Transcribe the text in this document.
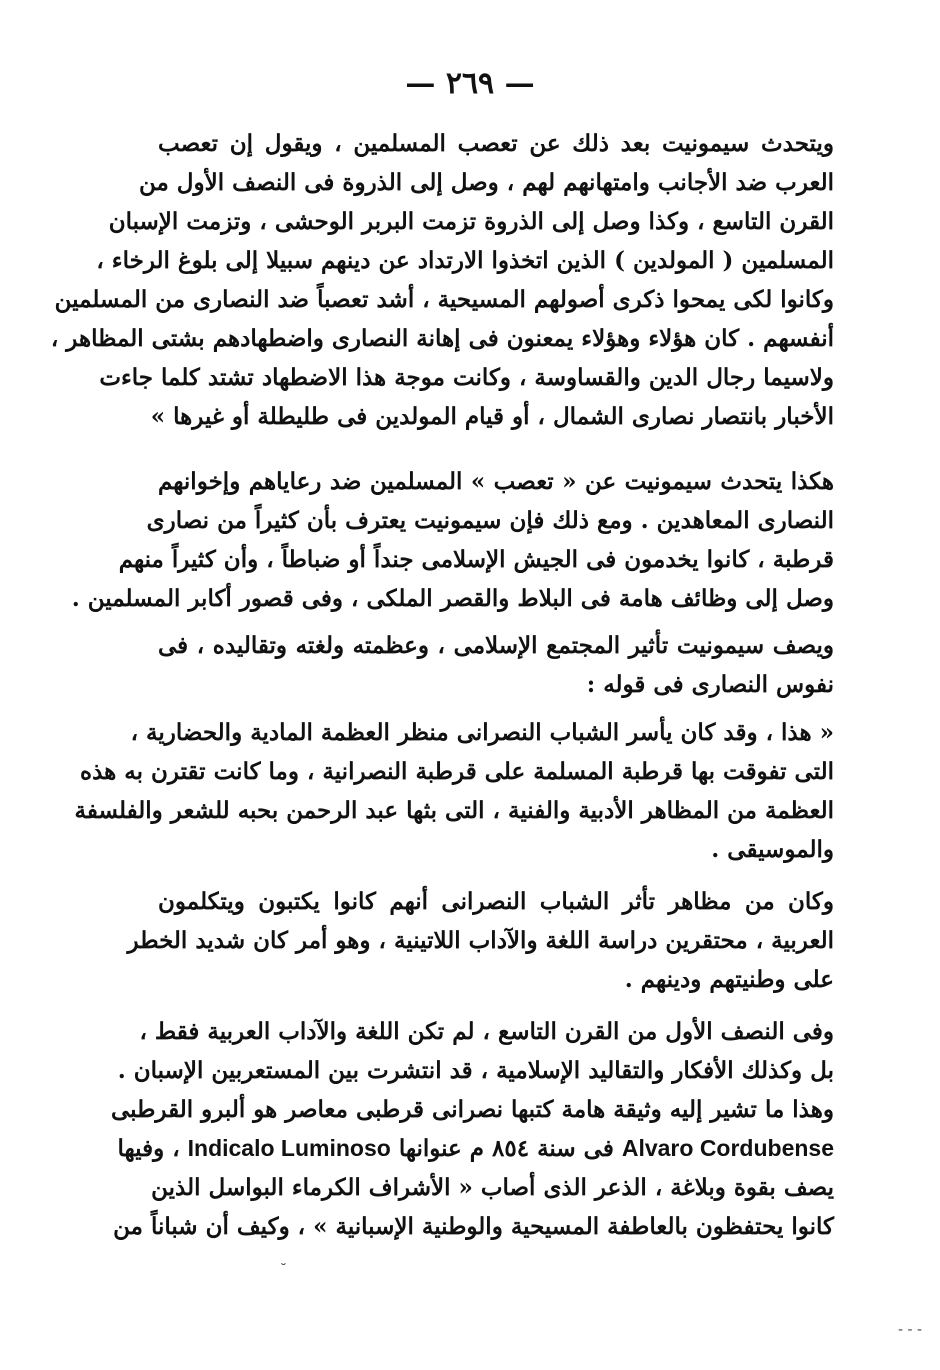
— ٢٦٩ —
ويتحدث سيمونيت بعد ذلك عن تعصب المسلمين ، ويقول إن تعصب
العرب ضد الأجانب وامتهانهم لهم ، وصل إلى الذروة فى النصف الأول من
القرن التاسع ، وكذا وصل إلى الذروة تزمت البربر الوحشى ، وتزمت الإسبان
المسلمين ( المولدين ) الذين اتخذوا الارتداد عن دينهم سبيلا إلى بلوغ الرخاء ،
وكانوا لكى يمحوا ذكرى أصولهم المسيحية ، أشد تعصباً ضد النصارى من المسلمين
أنفسهم . كان هؤلاء وهؤلاء يمعنون فى إهانة النصارى واضطهادهم بشتى المظاهر ،
ولاسيما رجال الدين والقساوسة ، وكانت موجة هذا الاضطهاد تشتد كلما جاءت
الأخبار بانتصار نصارى الشمال ، أو قيام المولدين فى طليطلة أو غيرها »
هكذا يتحدث سيمونيت عن « تعصب » المسلمين ضد رعاياهم وإخوانهم
النصارى المعاهدين . ومع ذلك فإن سيمونيت يعترف بأن كثيراً من نصارى
قرطبة ، كانوا يخدمون فى الجيش الإسلامى جنداً أو ضباطاً ، وأن كثيراً منهم
وصل إلى وظائف هامة فى البلاط والقصر الملكى ، وفى قصور أكابر المسلمين .
ويصف سيمونيت تأثير المجتمع الإسلامى ، وعظمته ولغته وتقاليده ، فى
نفوس النصارى فى قوله :
« هذا ، وقد كان يأسر الشباب النصرانى منظر العظمة المادية والحضارية ،
التى تفوقت بها قرطبة المسلمة على قرطبة النصرانية ، وما كانت تقترن به هذه
العظمة من المظاهر الأدبية والفنية ، التى بثها عبد الرحمن بحبه للشعر والفلسفة
والموسيقى .
وكان من مظاهر تأثر الشباب النصرانى أنهم كانوا يكتبون ويتكلمون
العربية ، محتقرين دراسة اللغة والآداب اللاتينية ، وهو أمر كان شديد الخطر
على وطنيتهم ودينهم .
وفى النصف الأول من القرن التاسع ، لم تكن اللغة والآداب العربية فقط ،
بل وكذلك الأفكار والتقاليد الإسلامية ، قد انتشرت بين المستعربين الإسبان .
وهذا ما تشير إليه وثيقة هامة كتبها نصرانى قرطبى معاصر هو ألبرو القرطبى
Alvaro Cordubense فى سنة ٨٥٤ م عنوانها Indicalo Luminoso ، وفيها
يصف بقوة وبلاغة ، الذعر الذى أصاب « الأشراف الكرماء البواسل الذين
كانوا يحتفظون بالعاطفة المسيحية والوطنية الإسبانية » ، وكيف أن شباناً من
˘
‑ ‑ ‑
